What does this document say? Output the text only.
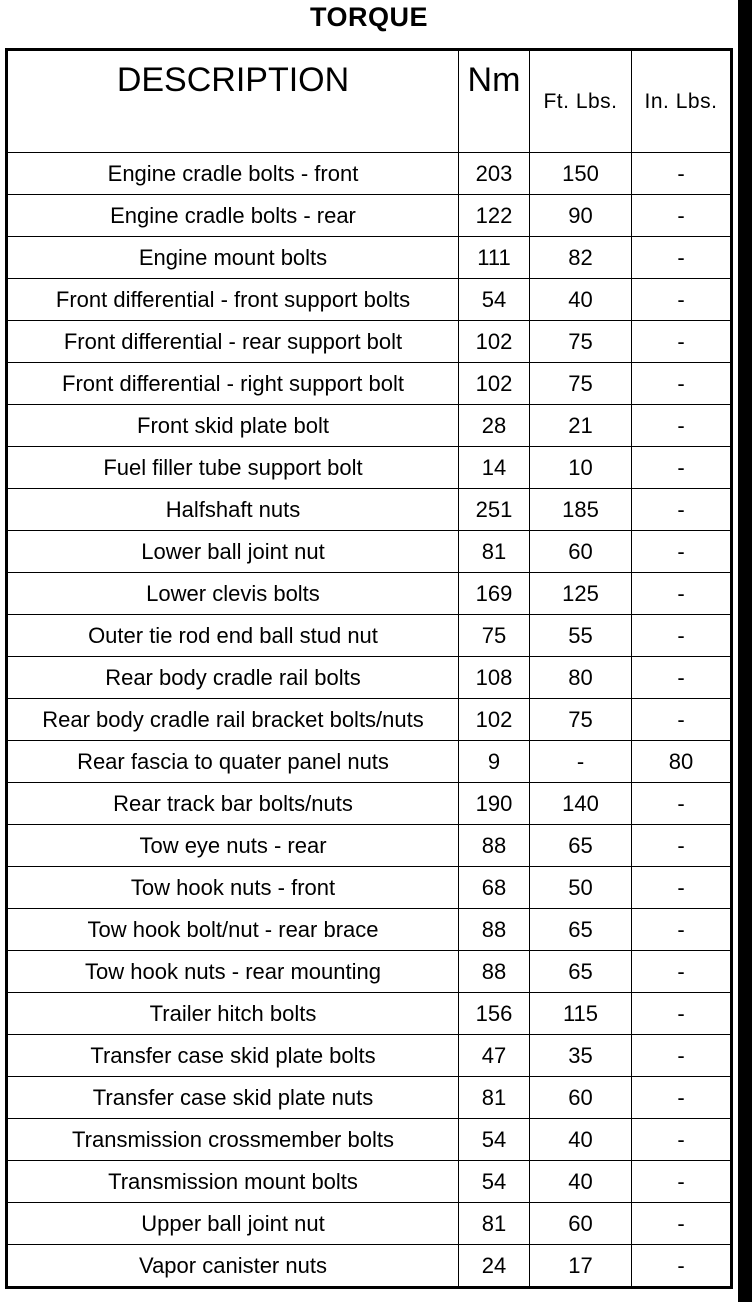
TORQUE
DESCRIPTION	Nm	Ft. Lbs.	In. Lbs.
Engine cradle bolts - front	203	150	-
Engine cradle bolts - rear	122	90	-
Engine mount bolts	111	82	-
Front differential - front support bolts	54	40	-
Front differential - rear support bolt	102	75	-
Front differential - right support bolt	102	75	-
Front skid plate bolt	28	21	-
Fuel filler tube support bolt	14	10	-
Halfshaft nuts	251	185	-
Lower ball joint nut	81	60	-
Lower clevis bolts	169	125	-
Outer tie rod end ball stud nut	75	55	-
Rear body cradle rail bolts	108	80	-
Rear body cradle rail bracket bolts/nuts	102	75	-
Rear fascia to quater panel nuts	9	-	80
Rear track bar bolts/nuts	190	140	-
Tow eye nuts - rear	88	65	-
Tow hook nuts - front	68	50	-
Tow hook bolt/nut - rear brace	88	65	-
Tow hook nuts - rear mounting	88	65	-
Trailer hitch bolts	156	115	-
Transfer case skid plate bolts	47	35	-
Transfer case skid plate nuts	81	60	-
Transmission crossmember bolts	54	40	-
Transmission mount bolts	54	40	-
Upper ball joint nut	81	60	-
Vapor canister nuts	24	17	-
